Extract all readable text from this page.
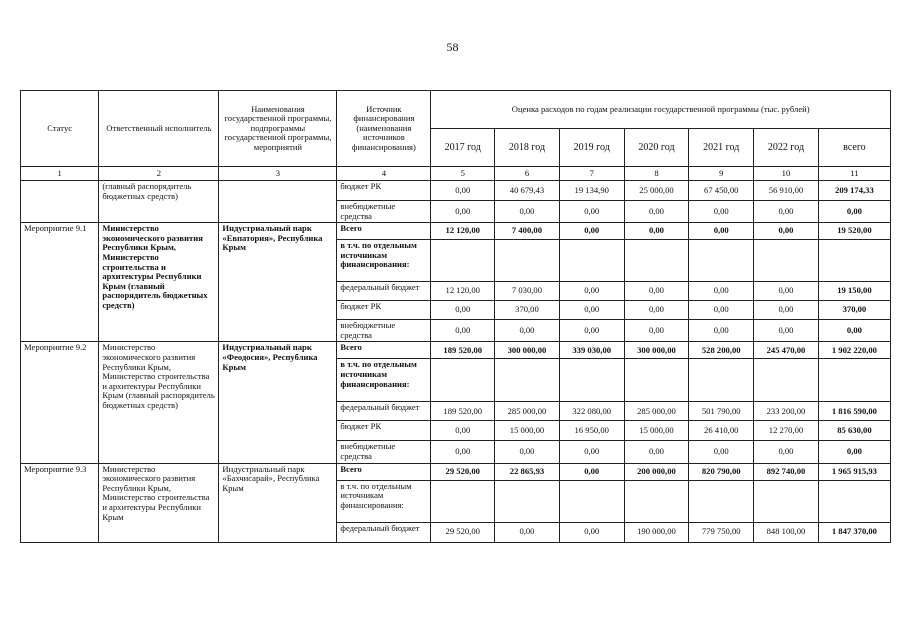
58
Статус	Ответственный исполнитель	Наименования государственной программы, подпрограммы государственной программы, мероприятий	Источник финансирования (наименования источников финансирования)	Оценка расходов по годам реализации государственной программы (тыс. рублей)						
				2017 год	2018 год	2019 год	2020 год	2021 год	2022 год	всего
1	2	3	4	5	6	7	8	9	10	11
	(главный распорядитель бюджетных средств)		бюджет РК	0,00	40 679,43	19 134,90	25 000,00	67 450,00	56 910,00	209 174,33
			внебюджетные средства	0,00	0,00	0,00	0,00	0,00	0,00	0,00
Мероприятие 9.1	Министерство экономического развития Республики Крым, Министерство строительства и архитектуры Республики Крым (главный распорядитель бюджетных средств)	Индустриальный парк «Евпатория», Республика Крым	Всего	12 120,00	7 400,00	0,00	0,00	0,00	0,00	19 520,00
			в т.ч. по отдельным источникам финансирования:							
			федеральный бюджет	12 120,00	7 030,00	0,00	0,00	0,00	0,00	19 150,00
			бюджет РК	0,00	370,00	0,00	0,00	0,00	0,00	370,00
			внебюджетные средства	0,00	0,00	0,00	0,00	0,00	0,00	0,00
Мероприятие 9.2	Министерство экономического развития Республики Крым, Министерство строительства и архитектуры Республики Крым (главный распорядитель бюджетных средств)	Индустриальный парк «Феодосия», Республика Крым	Всего	189 520,00	300 000,00	339 030,00	300 000,00	528 200,00	245 470,00	1 902 220,00
			в т.ч. по отдельным источникам финансирования:							
			федеральный бюджет	189 520,00	285 000,00	322 080,00	285 000,00	501 790,00	233 200,00	1 816 590,00
			бюджет РК	0,00	15 000,00	16 950,00	15 000,00	26 410,00	12 270,00	85 630,00
			внебюджетные средства	0,00	0,00	0,00	0,00	0,00	0,00	0,00
Мероприятие 9.3	Министерство экономического развития Республики Крым, Министерство строительства и архитектуры Республики Крым	Индустриальный парк «Бахчисарай», Республика Крым	Всего	29 520,00	22 865,93	0,00	200 000,00	820 790,00	892 740,00	1 965 915,93
			в т.ч. по отдельным источникам финансирования:							
			федеральный бюджет	29 520,00	0,00	0,00	190 000,00	779 750,00	848 100,00	1 847 370,00
